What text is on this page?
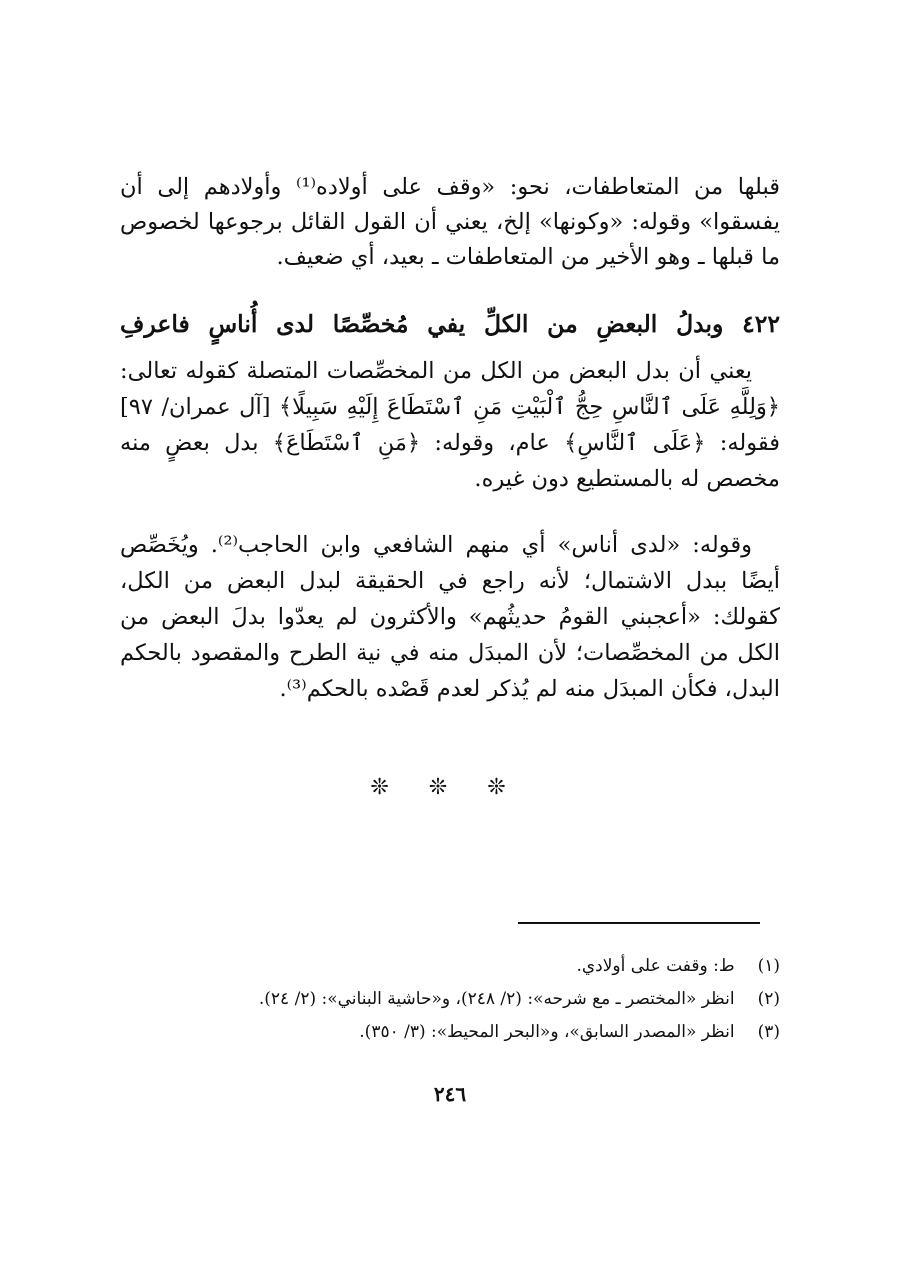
قبلها من المتعاطفات، نحو: «وقف على أولاده⁽¹⁾ وأولادهم إلى أن يفسقوا» وقوله: «وكونها» إلخ، يعني أن القول القائل برجوعها لخصوص ما قبلها ـ وهو الأخير من المتعاطفات ـ بعيد، أي ضعيف.
٤٢٢ وبدلُ البعضِ من الكلِّ يفي مُخصِّصًا لدى أُناسٍ فاعرفِ
يعني أن بدل البعض من الكل من المخصِّصات المتصلة كقوله تعالى: ﴿وَلِلَّهِ عَلَى ٱلنَّاسِ حِجُّ ٱلْبَيْتِ مَنِ ٱسْتَطَاعَ إِلَيْهِ سَبِيلًا﴾ [آل عمران/ ٩٧] فقوله: ﴿عَلَى ٱلنَّاسِ﴾ عام، وقوله: ﴿مَنِ ٱسْتَطَاعَ﴾ بدل بعضٍ منه مخصص له بالمستطيع دون غيره.
وقوله: «لدى أناس» أي منهم الشافعي وابن الحاجب⁽²⁾. ويُخَصِّص أيضًا ببدل الاشتمال؛ لأنه راجع في الحقيقة لبدل البعض من الكل، كقولك: «أعجبني القومُ حديثُهم» والأكثرون لم يعدّوا بدلَ البعض من الكل من المخصِّصات؛ لأن المبدَل منه في نية الطرح والمقصود بالحكم البدل، فكأن المبدَل منه لم يُذكر لعدم قَصْده بالحكم⁽³⁾.
❊ ❊ ❊
(١) ط: وقفت على أولادي.
(٢) انظر «المختصر ـ مع شرحه»: (٢/ ٢٤٨)، و«حاشية البناني»: (٢/ ٢٤).
(٣) انظر «المصدر السابق»، و«البحر المحيط»: (٣/ ٣٥٠).
٢٤٦
